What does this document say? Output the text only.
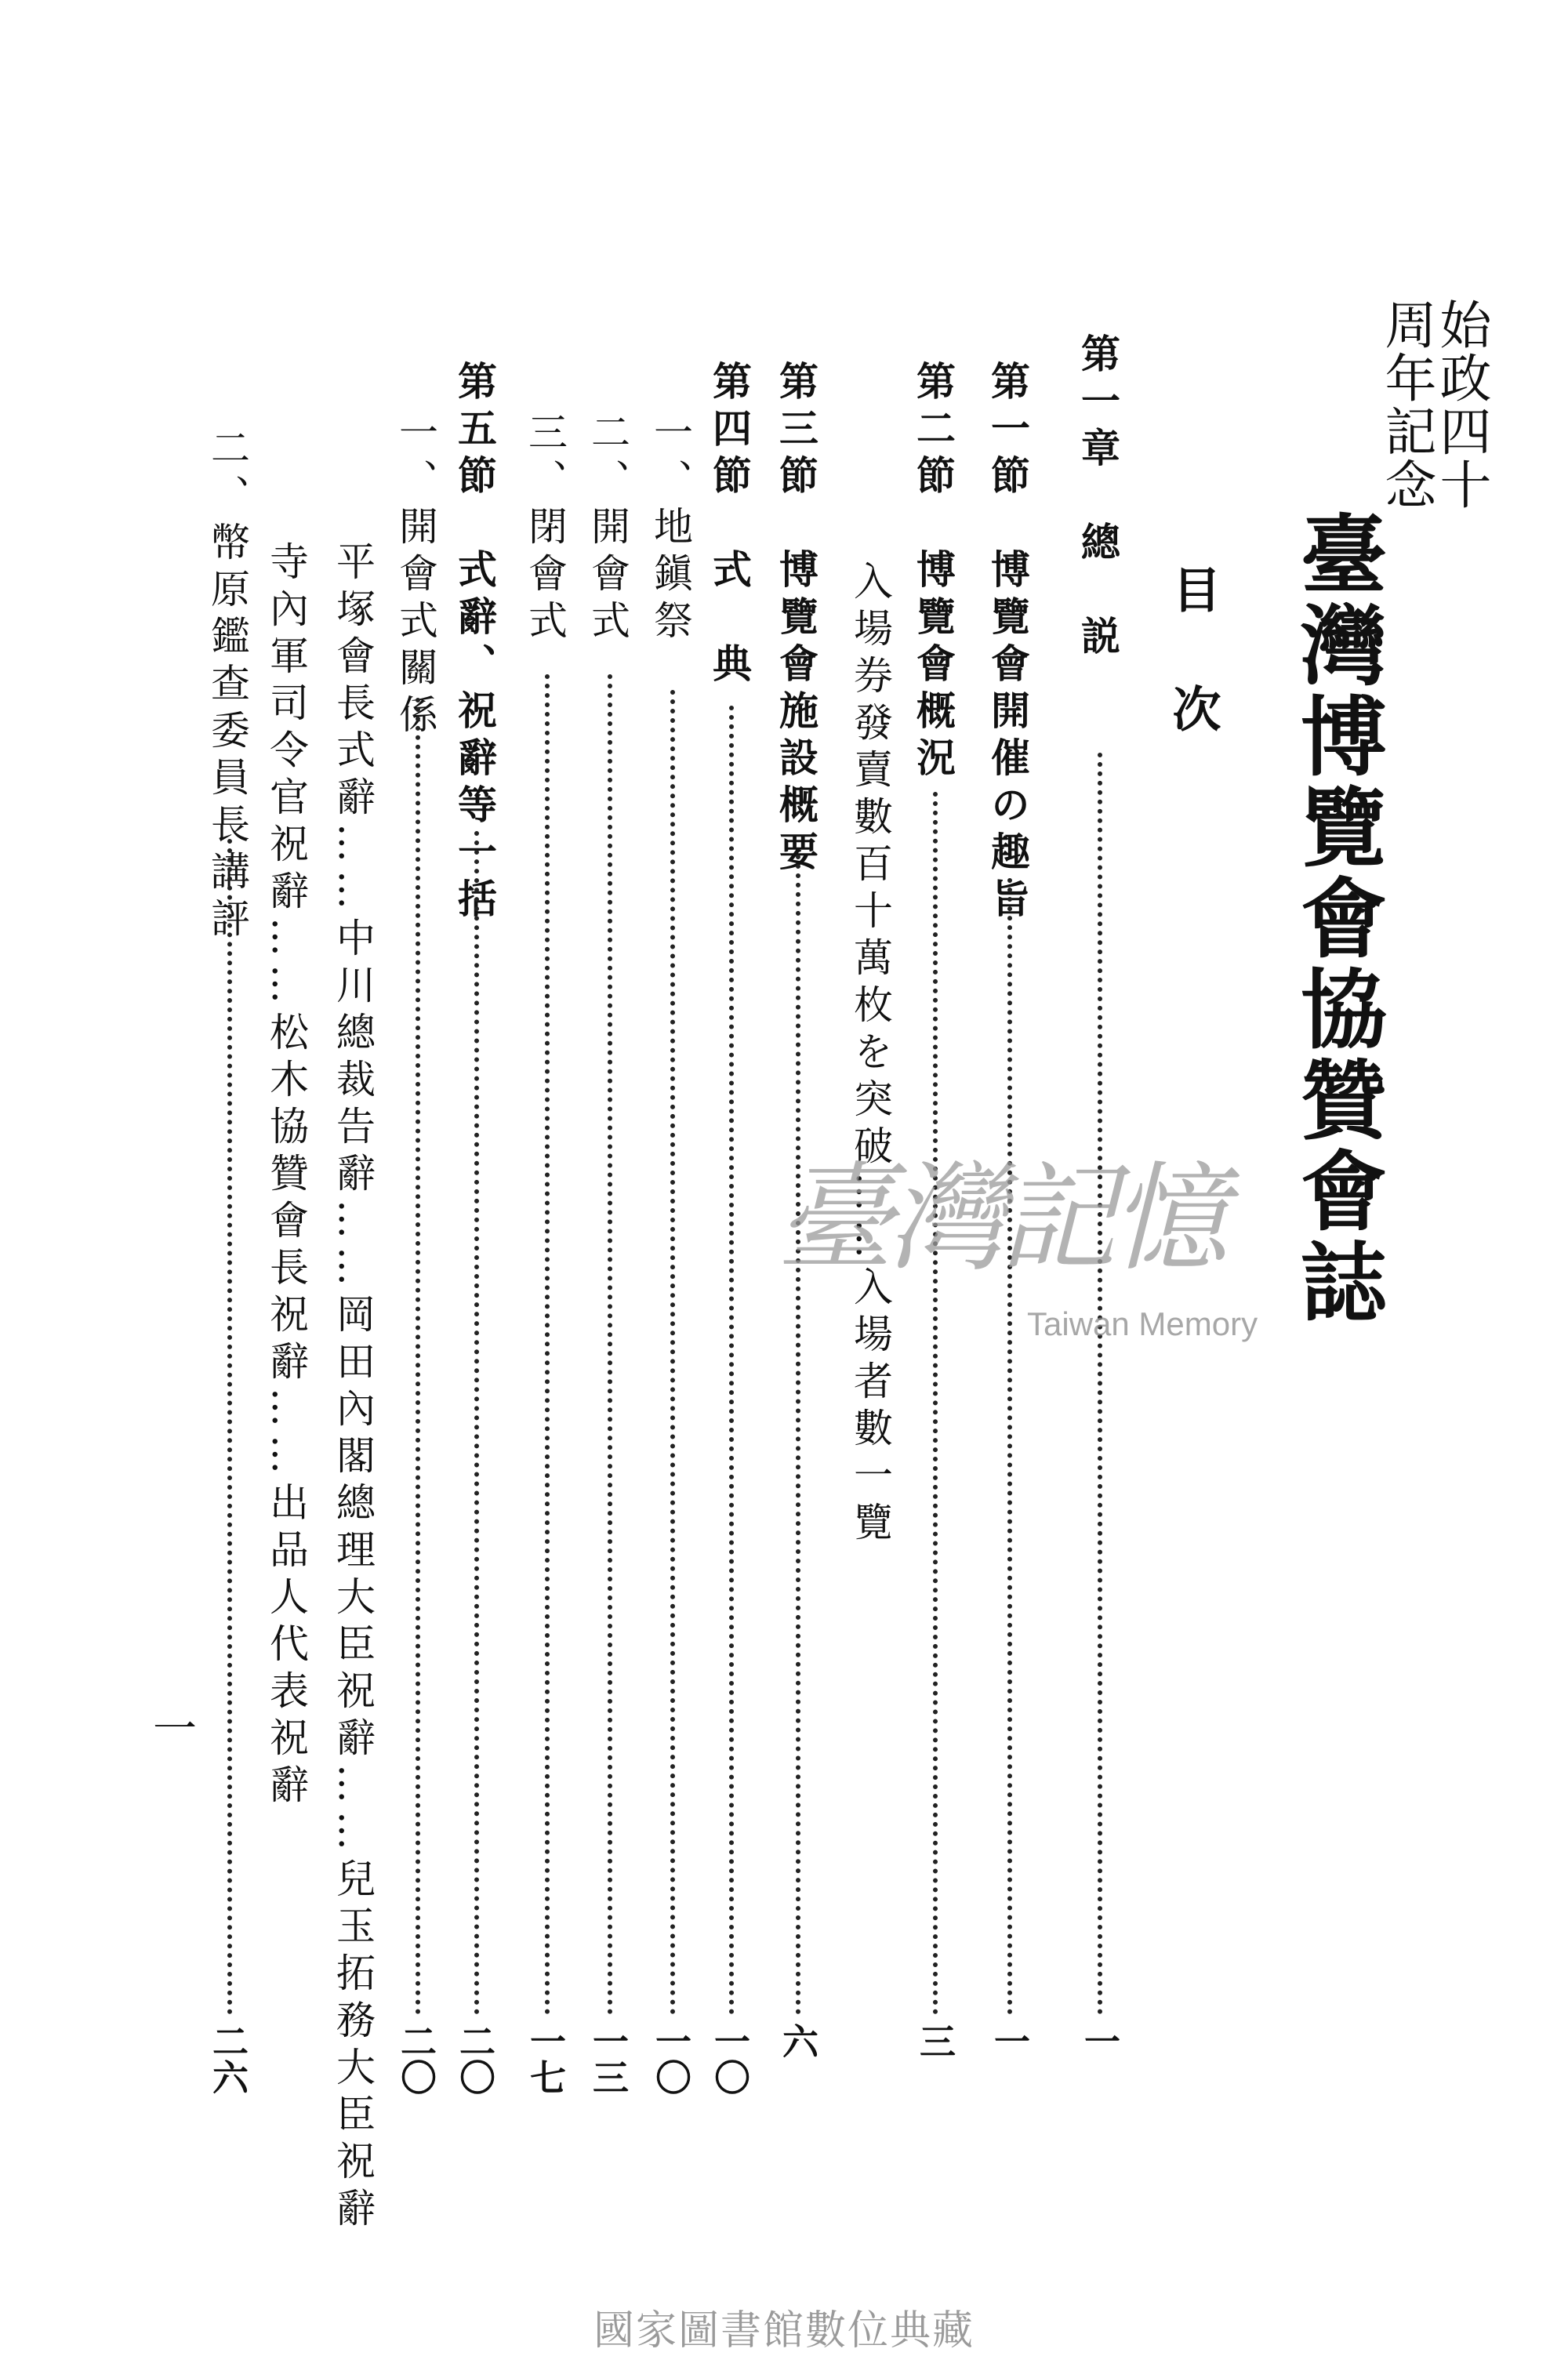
始政四十
周年記念
臺灣博覽會協贊會誌
目次
第一章　總　説
一
第一節　博覽會開催の趣旨
一
第二節　博覽會概況
三
入場券發賣數百十萬枚を突破……入場者數一覽
第三節　博覽會施設概要
六
第四節　式　典
一〇
一、地鎭祭
一〇
二、開會式
一三
三、閉會式
一七
第五節　式辭、祝辭等一括
二〇
一、開會式關係
二〇
平塚會長式辭……中川總裁告辭……岡田內閣總理大臣祝辭……兒玉拓務大臣祝辭
寺內軍司令官祝辭……松木協贊會長祝辭……出品人代表祝辭
二、幣原鑑查委員長講評
二六
一
臺灣記憶
Taiwan Memory
國家圖書館數位典藏
